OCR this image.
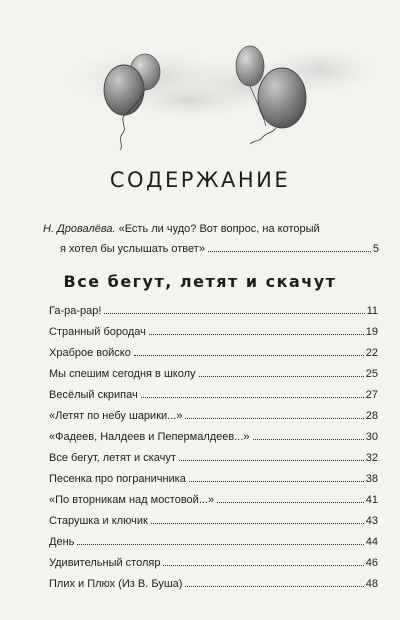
СОДЕРЖАНИЕ
Н. Дровалёва. «Есть ли чудо? Вот вопрос, на который
я хотел бы услышать ответ»	5
Все бегут, летят и скачут
Га-ра-рар!	11
Странный бородач	19
Храброе войско	22
Мы спешим сегодня в школу	25
Весёлый скрипач	27
«Летят по небу шарики...»	28
«Фадеев, Налдеев и Пепермалдеев...»	30
Все бегут, летят и скачут	32
Песенка про пограничника	38
«По вторникам над мостовой...»	41
Старушка и ключик	43
День	44
Удивительный столяр	46
Плих и Плюх (Из В. Буша)	48
